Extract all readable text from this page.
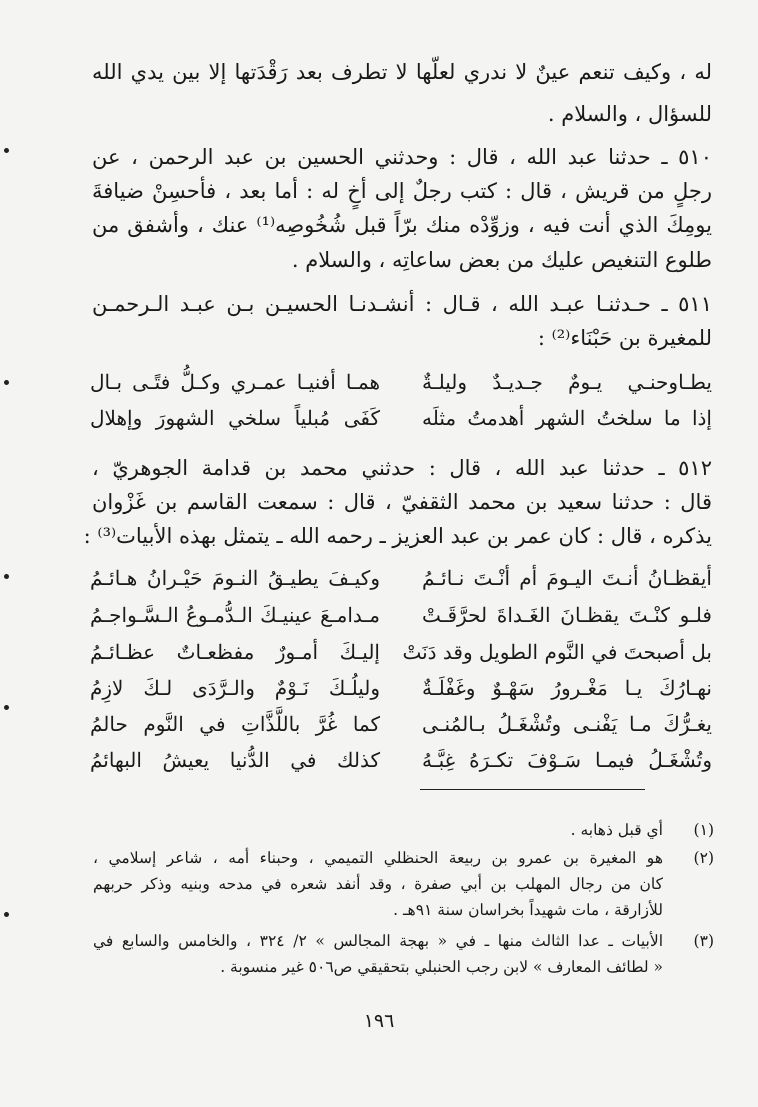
له ، وكيف تنعم عينٌ لا ندري لعلّها لا تطرف بعد رَقْدَتها إلا بين يدي الله
للسؤال ، والسلام .
٥١٠ ـ حدثنا عبد الله ، قال : وحدثني الحسين بن عبد الرحمن ، عن
رجلٍ من قريش ، قال : كتب رجلٌ إلى أخٍ له : أما بعد ، فأحسِنْ ضيافةَ
يومِكَ الذي أنت فيه ، وزوِّدْه منك برّاً قبل شُخُوصِه⁽¹⁾ عنك ، وأشفق من
طلوع التنغيص عليك من بعض ساعاتِه ، والسلام .
٥١١ ـ حـدثنـا عبـد الله ، قـال : أنشـدنـا الحسيـن بـن عبـد الـرحمـن
للمغيرة بن حَبْنَاء⁽²⁾ :
٥١٢ ـ حدثنا عبد الله ، قال : حدثني محمد بن قدامة الجوهريّ ،
قال : حدثنا سعيد بن محمد الثقفيّ ، قال : سمعت القاسم بن غَزْوان
يذكره ، قال : كان عمر بن عبد العزيز ـ رحمه الله ـ يتمثل بهذه الأبيات⁽³⁾ :
يطـاوحنـي يـومٌ جـديـدٌ وليلـةٌ
همـا أفنيـا عمـري وكـلُّ فتًـى بـال
إذا ما سلختُ الشهر أهدمتُ مثلَه
كَفَى مُبلياً سلخي الشهورَ وإهلال
أيقظـانُ أنـتَ اليـومَ أم أنْـتَ نـائـمُ
وكيـفَ يطيـقُ النـومَ حَيْـرانُ هـائـمُ
فلـو كنْـتَ يقظـانَ الغَـداةَ لحرَّقَـتْ
مـدامـعَ عينيـكَ الـدُّمـوعُ الـسَّـواجـمُ
بل أصبحتَ في النَّوم الطويل وقد دَنَتْ
إليـكَ أمـورٌ مفظعـاتٌ عظـائـمُ
نهـارُكَ يـا مَغْـرورُ سَهْـوٌ وغَفْلَـةٌ
وليلُـكَ نَـوْمٌ والـرَّدَى لـكَ لازِمُ
يغـرُّكَ مـا يَفْنـى وتُشْغَـلُ بـالمُنـى
كما غُرَّ باللَّذَّاتِ في النَّوم حالمُ
وتُشْغَـلُ فيمـا سَـوْفَ تكـرَهُ غِبَّـهُ
كذلك في الدُّنيا يعيشُ البهائمُ
(١)
أي قبل ذهابه .
(٢)
هو المغيرة بن عمرو بن ربيعة الحنظلي التميمي ، وحبناء أمه ، شاعر إسلامي ،
كان من رجال المهلب بن أبي صفرة ، وقد أنفد شعره في مدحه وبنيه وذكر حربهم
للأزارقة ، مات شهيداً بخراسان سنة ٩١هـ .
(٣)
الأبيات ـ عدا الثالث منها ـ في « بهجة المجالس » ٢/ ٣٢٤ ، والخامس والسابع في
« لطائف المعارف » لابن رجب الحنبلي بتحقيقي ص٥٠٦ غير منسوبة .
١٩٦
